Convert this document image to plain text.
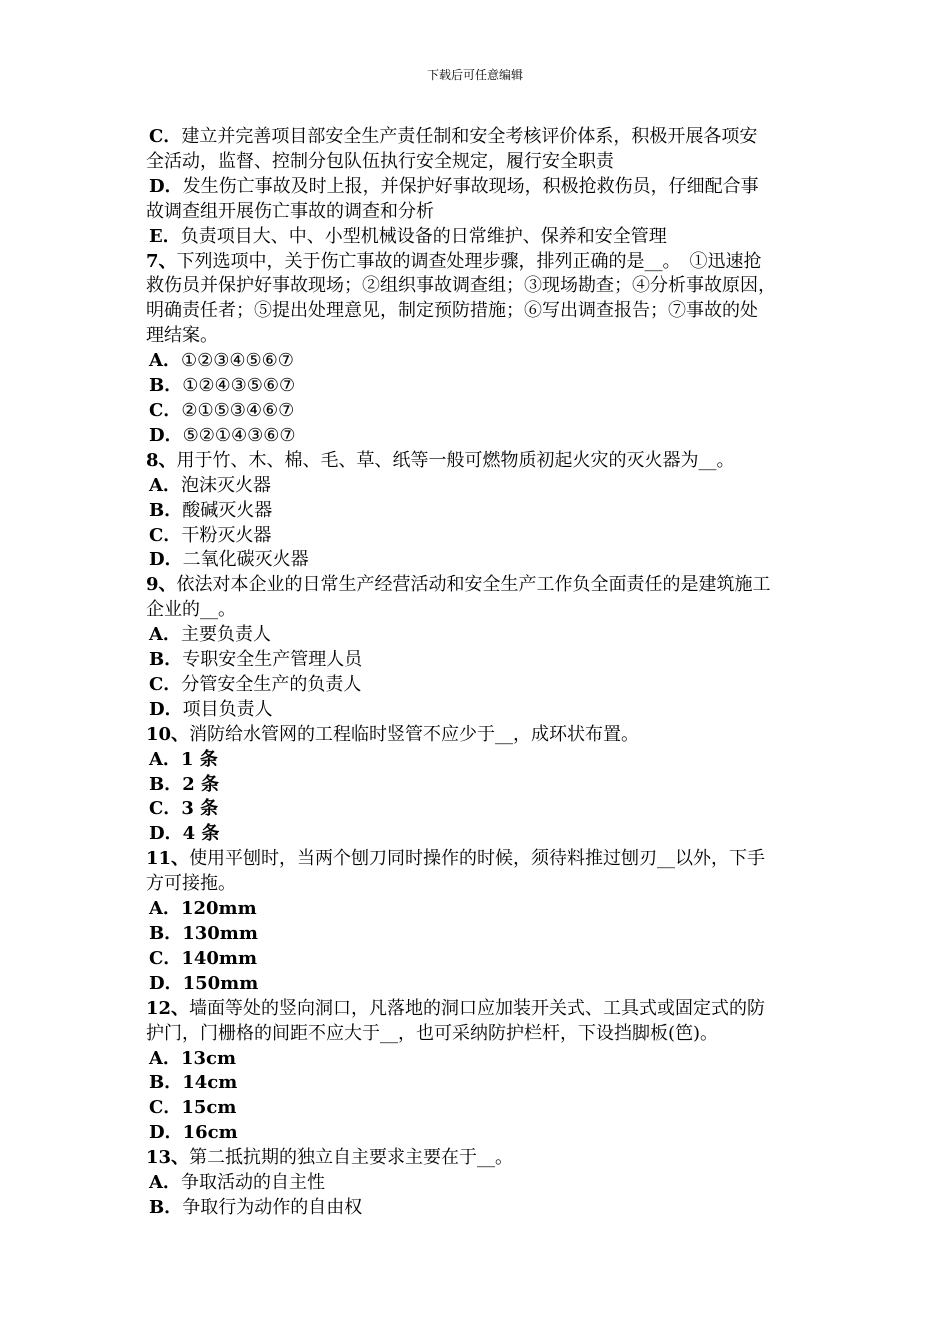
下载后可任意编辑
C．建立并完善项目部安全生产责任制和安全考核评价体系，积极开展各项安
全活动，监督、控制分包队伍执行安全规定，履行安全职责
D．发生伤亡事故及时上报，并保护好事故现场，积极抢救伤员，仔细配合事
故调查组开展伤亡事故的调查和分析
E．负责项目大、中、小型机械设备的日常维护、保养和安全管理
7、下列选项中，关于伤亡事故的调查处理步骤，排列正确的是__。　①迅速抢
救伤员并保护好事故现场；②组织事故调查组；③现场勘查；④分析事故原因，
明确责任者；⑤提出处理意见，制定预防措施；⑥写出调查报告；⑦事故的处
理结案。
A．①②③④⑤⑥⑦
B．①②④③⑤⑥⑦
C．②①⑤③④⑥⑦
D．⑤②①④③⑥⑦
8、用于竹、木、棉、毛、草、纸等一般可燃物质初起火灾的灭火器为__。
A．泡沫灭火器
B．酸碱灭火器
C．干粉灭火器
D．二氧化碳灭火器
9、依法对本企业的日常生产经营活动和安全生产工作负全面责任的是建筑施工
企业的__。
A．主要负责人
B．专职安全生产管理人员
C．分管安全生产的负责人
D．项目负责人
10、消防给水管网的工程临时竖管不应少于__，成环状布置。
A．1 条
B．2 条
C．3 条
D．4 条
11、使用平刨时，当两个刨刀同时操作的时候，须待料推过刨刃__以外，下手
方可接拖。
A．120mm
B．130mm
C．140mm
D．150mm
12、墙面等处的竖向洞口，凡落地的洞口应加装开关式、工具式或固定式的防
护门，门栅格的间距不应大于__，也可采纳防护栏杆，下设挡脚板(笆)。
A．13cm
B．14cm
C．15cm
D．16cm
13、第二抵抗期的独立自主要求主要在于__。
A．争取活动的自主性
B．争取行为动作的自由权
